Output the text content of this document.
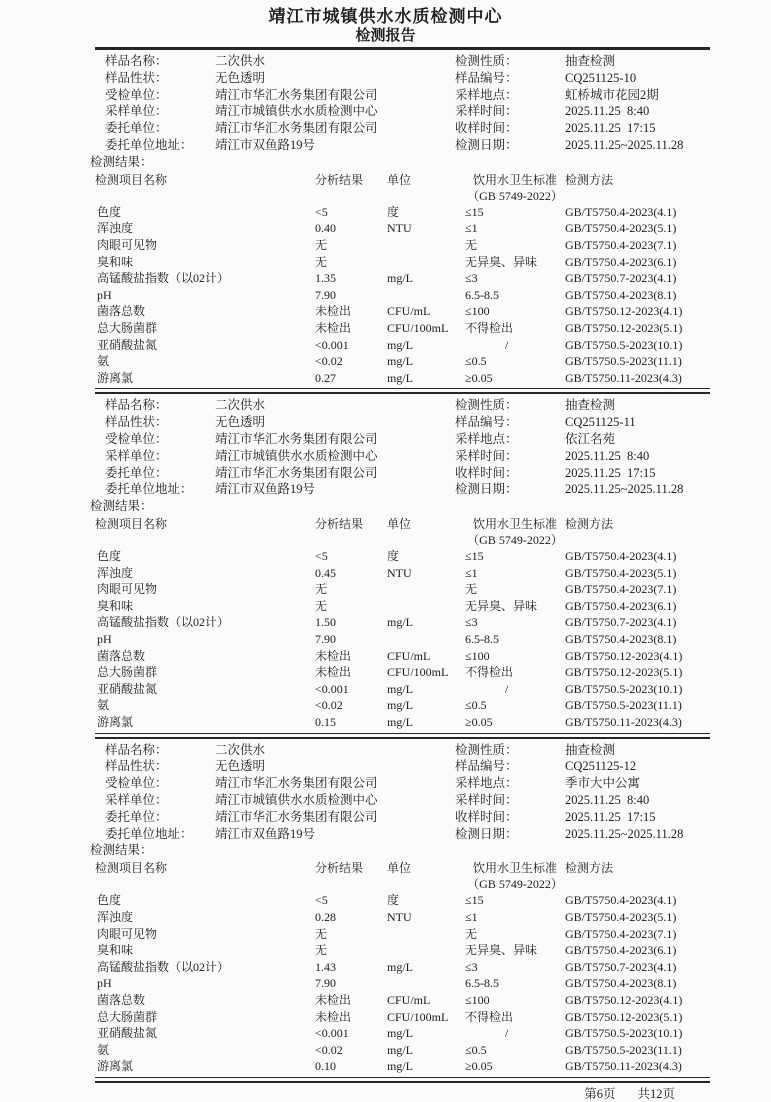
靖江市城镇供水水质检测中心
检测报告
样品名称：	二次供水	检测性质：	抽查检测
样品性状：	无色透明	样品编号：	CQ251125-10
受检单位：	靖江市华汇水务集团有限公司	采样地点：	虹桥城市花园2期
采样单位：	靖江市城镇供水水质检测中心	采样时间：	2025.11.25  8:40
委托单位：	靖江市华汇水务集团有限公司	收样时间：	2025.11.25  17:15
委托单位地址：	靖江市双鱼路19号	检测日期：	2025.11.25~2025.11.28
检测结果：
检测项目名称	分析结果	单位	饮用水卫生标准
（GB 5749-2022）	检测方法
色度	<5	度	≤15	GB/T5750.4-2023(4.1)
浑浊度	0.40	NTU	≤1	GB/T5750.4-2023(5.1)
肉眼可见物	无		无	GB/T5750.4-2023(7.1)
臭和味	无		无异臭、异味	GB/T5750.4-2023(6.1)
高锰酸盐指数（以02计）	1.35	mg/L	≤3	GB/T5750.7-2023(4.1)
pH	7.90		6.5-8.5	GB/T5750.4-2023(8.1)
菌落总数	未检出	CFU/mL	≤100	GB/T5750.12-2023(4.1)
总大肠菌群	未检出	CFU/100mL	不得检出	GB/T5750.12-2023(5.1)
亚硝酸盐氮	<0.001	mg/L	/	GB/T5750.5-2023(10.1)
氨	<0.02	mg/L	≤0.5	GB/T5750.5-2023(11.1)
游离氯	0.27	mg/L	≥0.05	GB/T5750.11-2023(4.3)
样品名称：	二次供水	检测性质：	抽查检测
样品性状：	无色透明	样品编号：	CQ251125-11
受检单位：	靖江市华汇水务集团有限公司	采样地点：	依江名苑
采样单位：	靖江市城镇供水水质检测中心	采样时间：	2025.11.25  8:40
委托单位：	靖江市华汇水务集团有限公司	收样时间：	2025.11.25  17:15
委托单位地址：	靖江市双鱼路19号	检测日期：	2025.11.25~2025.11.28
检测结果：
检测项目名称	分析结果	单位	饮用水卫生标准
（GB 5749-2022）	检测方法
色度	<5	度	≤15	GB/T5750.4-2023(4.1)
浑浊度	0.45	NTU	≤1	GB/T5750.4-2023(5.1)
肉眼可见物	无		无	GB/T5750.4-2023(7.1)
臭和味	无		无异臭、异味	GB/T5750.4-2023(6.1)
高锰酸盐指数（以02计）	1.50	mg/L	≤3	GB/T5750.7-2023(4.1)
pH	7.90		6.5-8.5	GB/T5750.4-2023(8.1)
菌落总数	未检出	CFU/mL	≤100	GB/T5750.12-2023(4.1)
总大肠菌群	未检出	CFU/100mL	不得检出	GB/T5750.12-2023(5.1)
亚硝酸盐氮	<0.001	mg/L	/	GB/T5750.5-2023(10.1)
氨	<0.02	mg/L	≤0.5	GB/T5750.5-2023(11.1)
游离氯	0.15	mg/L	≥0.05	GB/T5750.11-2023(4.3)
样品名称：	二次供水	检测性质：	抽查检测
样品性状：	无色透明	样品编号：	CQ251125-12
受检单位：	靖江市华汇水务集团有限公司	采样地点：	季市大中公寓
采样单位：	靖江市城镇供水水质检测中心	采样时间：	2025.11.25  8:40
委托单位：	靖江市华汇水务集团有限公司	收样时间：	2025.11.25  17:15
委托单位地址：	靖江市双鱼路19号	检测日期：	2025.11.25~2025.11.28
检测结果：
检测项目名称	分析结果	单位	饮用水卫生标准
（GB 5749-2022）	检测方法
色度	<5	度	≤15	GB/T5750.4-2023(4.1)
浑浊度	0.28	NTU	≤1	GB/T5750.4-2023(5.1)
肉眼可见物	无		无	GB/T5750.4-2023(7.1)
臭和味	无		无异臭、异味	GB/T5750.4-2023(6.1)
高锰酸盐指数（以02计）	1.43	mg/L	≤3	GB/T5750.7-2023(4.1)
pH	7.90		6.5-8.5	GB/T5750.4-2023(8.1)
菌落总数	未检出	CFU/mL	≤100	GB/T5750.12-2023(4.1)
总大肠菌群	未检出	CFU/100mL	不得检出	GB/T5750.12-2023(5.1)
亚硝酸盐氮	<0.001	mg/L	/	GB/T5750.5-2023(10.1)
氨	<0.02	mg/L	≤0.5	GB/T5750.5-2023(11.1)
游离氯	0.10	mg/L	≥0.05	GB/T5750.11-2023(4.3)
第6页 共12页
